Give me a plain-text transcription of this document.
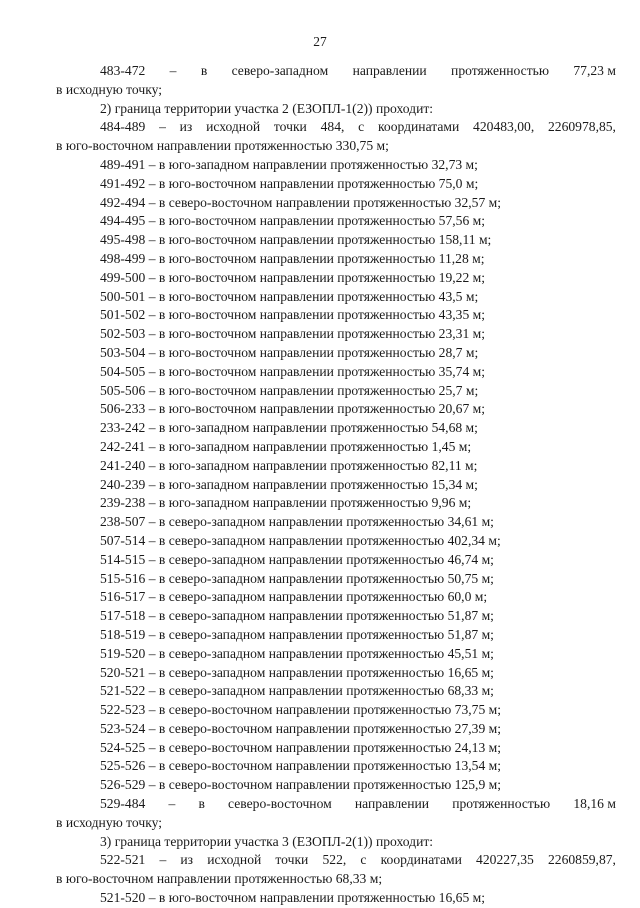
27
483-472 – в северо-западном направлении протяженностью 77,23 м
в исходную точку;
2) граница территории участка 2 (ЕЗОПЛ-1(2)) проходит:
484-489 – из исходной точки 484, с координатами 420483,00, 2260978,85,
в юго-восточном направлении протяженностью 330,75 м;
489-491 – в юго-западном направлении протяженностью 32,73 м;
491-492 – в юго-восточном направлении протяженностью 75,0 м;
492-494 – в северо-восточном направлении протяженностью 32,57 м;
494-495 – в юго-восточном направлении протяженностью 57,56 м;
495-498 – в юго-восточном направлении протяженностью 158,11 м;
498-499 – в юго-восточном направлении протяженностью 11,28 м;
499-500 – в юго-восточном направлении протяженностью 19,22 м;
500-501 – в юго-восточном направлении протяженностью 43,5 м;
501-502 – в юго-восточном направлении протяженностью 43,35 м;
502-503 – в юго-восточном направлении протяженностью 23,31 м;
503-504 – в юго-восточном направлении протяженностью 28,7 м;
504-505 – в юго-восточном направлении протяженностью 35,74 м;
505-506 – в юго-восточном направлении протяженностью 25,7 м;
506-233 – в юго-восточном направлении протяженностью 20,67 м;
233-242 – в юго-западном направлении протяженностью 54,68 м;
242-241 – в юго-западном направлении протяженностью 1,45 м;
241-240 – в юго-западном направлении протяженностью 82,11 м;
240-239 – в юго-западном направлении протяженностью 15,34 м;
239-238 – в юго-западном направлении протяженностью 9,96 м;
238-507 – в северо-западном направлении протяженностью 34,61 м;
507-514 – в северо-западном направлении протяженностью 402,34 м;
514-515 – в северо-западном направлении протяженностью 46,74 м;
515-516 – в северо-западном направлении протяженностью 50,75 м;
516-517 – в северо-западном направлении протяженностью 60,0 м;
517-518 – в северо-западном направлении протяженностью 51,87 м;
518-519 – в северо-западном направлении протяженностью 51,87 м;
519-520 – в северо-западном направлении протяженностью 45,51 м;
520-521 – в северо-западном направлении протяженностью 16,65 м;
521-522 – в северо-западном направлении протяженностью 68,33 м;
522-523 – в северо-восточном направлении протяженностью 73,75 м;
523-524 – в северо-восточном направлении протяженностью 27,39 м;
524-525 – в северо-восточном направлении протяженностью 24,13 м;
525-526 – в северо-восточном направлении протяженностью 13,54 м;
526-529 – в северо-восточном направлении протяженностью 125,9 м;
529-484 – в северо-восточном направлении протяженностью 18,16 м
в исходную точку;
3) граница территории участка 3 (ЕЗОПЛ-2(1)) проходит:
522-521 – из исходной точки 522, с координатами 420227,35 2260859,87,
в юго-восточном направлении протяженностью 68,33 м;
521-520 – в юго-восточном направлении протяженностью 16,65 м;
